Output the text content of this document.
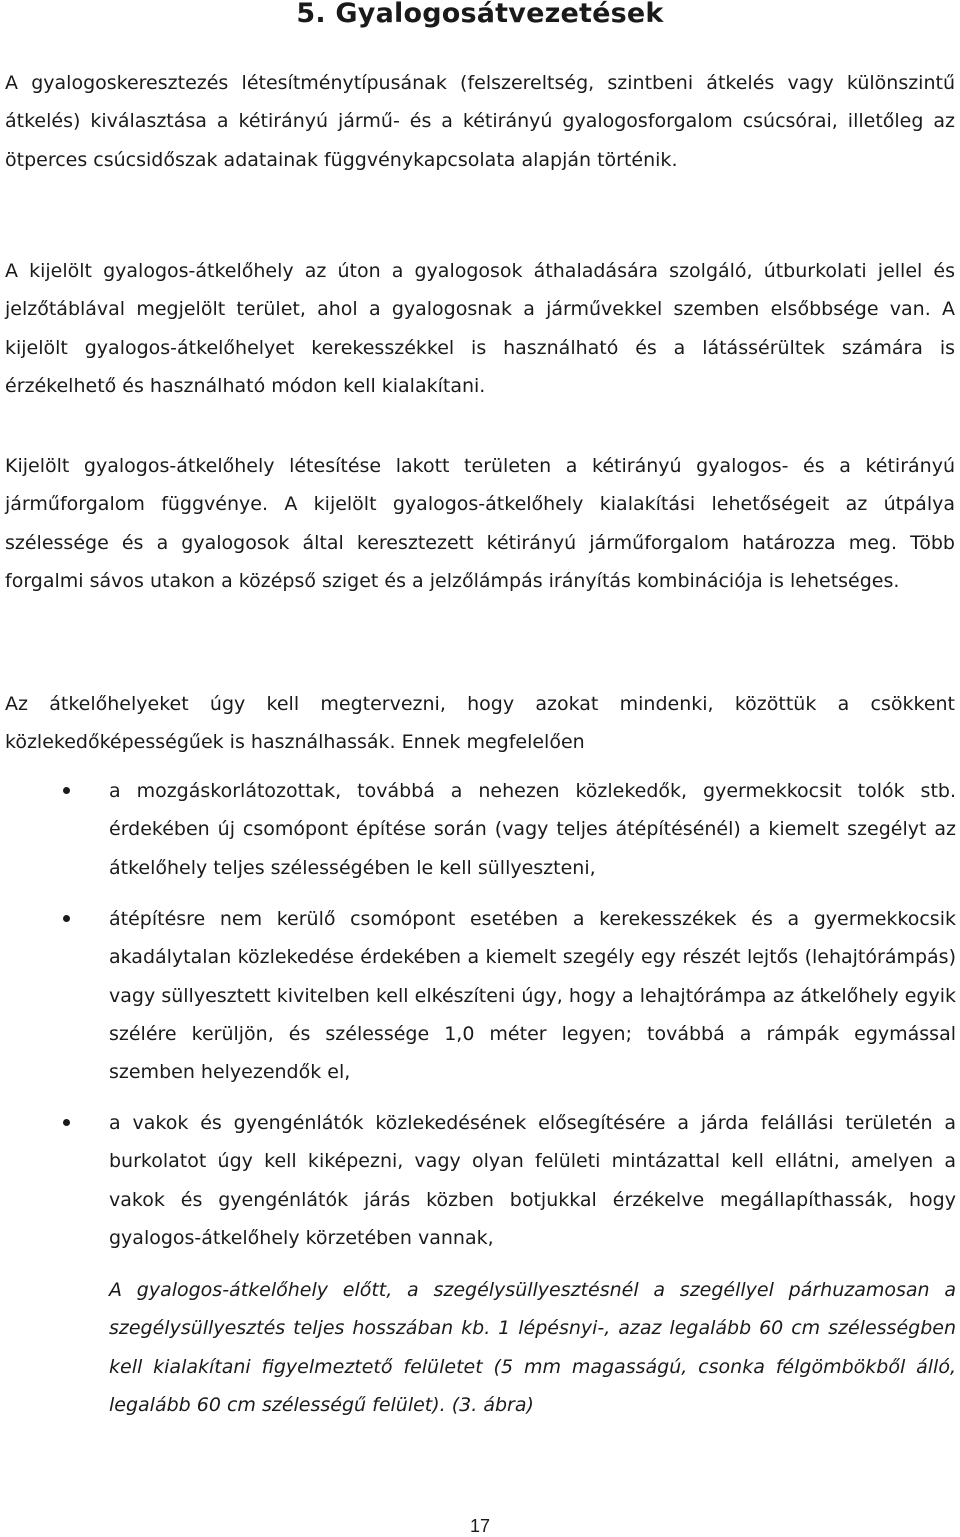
5. Gyalogosátvezetések

A gyalogoskeresztezés létesítménytípusának (felszereltség, szintbeni átkelés vagy különszintű átkelés) kiválasztása a kétirányú jármű- és a kétirányú gyalogosforgalom csúcsórai, illetőleg az ötperces csúcsidőszak adatainak függvénykapcsolata alapján történik.

A kijelölt gyalogos-átkelőhely az úton a gyalogosok áthaladására szolgáló, útburkolati jellel és jelzőtáblával megjelölt terület, ahol a gyalogosnak a járművekkel szemben elsőbbsége van. A kijelölt gyalogos-átkelőhelyet kerekesszékkel is használható és a látássérültek számára is érzékelhető és használható módon kell kialakítani.

Kijelölt gyalogos-átkelőhely létesítése lakott területen a kétirányú gyalogos- és a kétirányú járműforgalom függvénye. A kijelölt gyalogos-átkelőhely kialakítási lehetőségeit az útpálya szélessége és a gyalogosok által keresztezett kétirányú járműforgalom határozza meg. Több forgalmi sávos utakon a középső sziget és a jelzőlámpás irányítás kombinációja is lehetséges.

Az átkelőhelyeket úgy kell megtervezni, hogy azokat mindenki, közöttük a csökkent közlekedőképességűek is használhassák. Ennek megfelelően

a mozgáskorlátozottak, továbbá a nehezen közlekedők, gyermekkocsit tolók stb. érdekében új csomópont építése során (vagy teljes átépítésénél) a kiemelt szegélyt az átkelőhely teljes szélességében le kell süllyeszteni,

átépítésre nem kerülő csomópont esetében a kerekesszékek és a gyermekkocsik akadálytalan közlekedése érdekében a kiemelt szegély egy részét lejtős (lehajtórámpás) vagy süllyesztett kivitelben kell elkészíteni úgy, hogy a lehajtórámpa az átkelőhely egyik szélére kerüljön, és szélessége 1,0 méter legyen; továbbá a rámpák egymással szemben helyezendők el,

a vakok és gyengénlátók közlekedésének elősegítésére a járda felállási területén a burkolatot úgy kell kiképezni, vagy olyan felületi mintázattal kell ellátni, amelyen a vakok és gyengénlátók járás közben botjukkal érzékelve megállapíthassák, hogy gyalogos-átkelőhely körzetében vannak,

A gyalogos-átkelőhely előtt, a szegélysüllyesztésnél a szegéllyel párhuzamosan a szegélysüllyesztés teljes hosszában kb. 1 lépésnyi-, azaz legalább 60 cm szélességben kell kialakítani figyelmeztető felületet (5 mm magasságú, csonka félgömbökből álló, legalább 60 cm szélességű felület). (3. ábra)

17
